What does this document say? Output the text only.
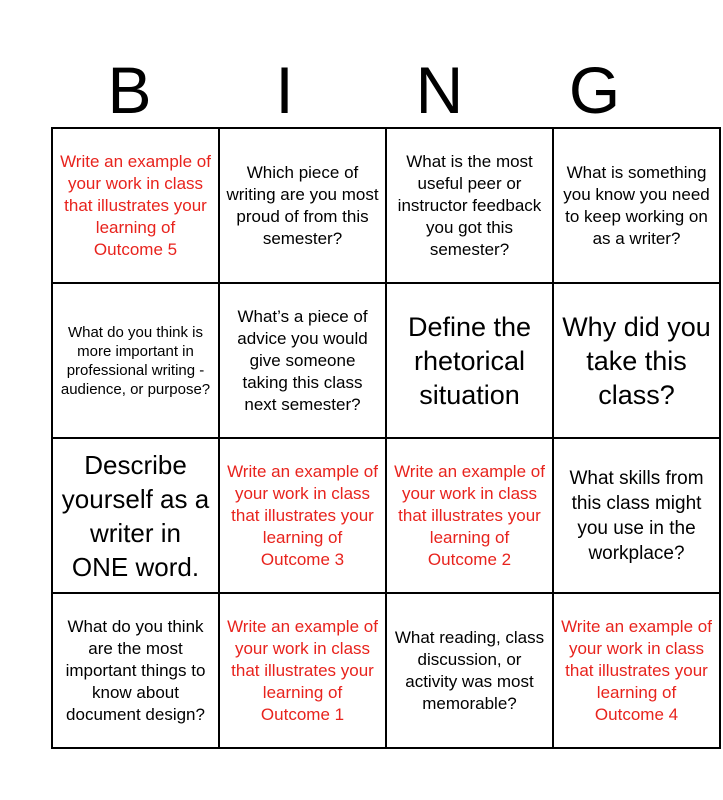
B	I	N	G
Write an example of your work in class that illustrates your learning of Outcome 5	Which piece of writing are you most proud of from this semester?	What is the most useful peer or instructor feedback you got this semester?	What is something you know you need to keep working on as a writer?

What do you think is more important in professional writing - audience, or purpose?	What’s a piece of advice you would give someone taking this class next semester?	Define the rhetorical situation	Why did you take this class?

Describe yourself as a writer in ONE word.	Write an example of your work in class that illustrates your learning of Outcome 3	Write an example of your work in class that illustrates your learning of Outcome 2	What skills from this class might you use in the workplace?

What do you think are the most important things to know about document design?	Write an example of your work in class that illustrates your learning of Outcome 1	What reading, class discussion, or activity was most memorable?	Write an example of your work in class that illustrates your learning of Outcome 4
